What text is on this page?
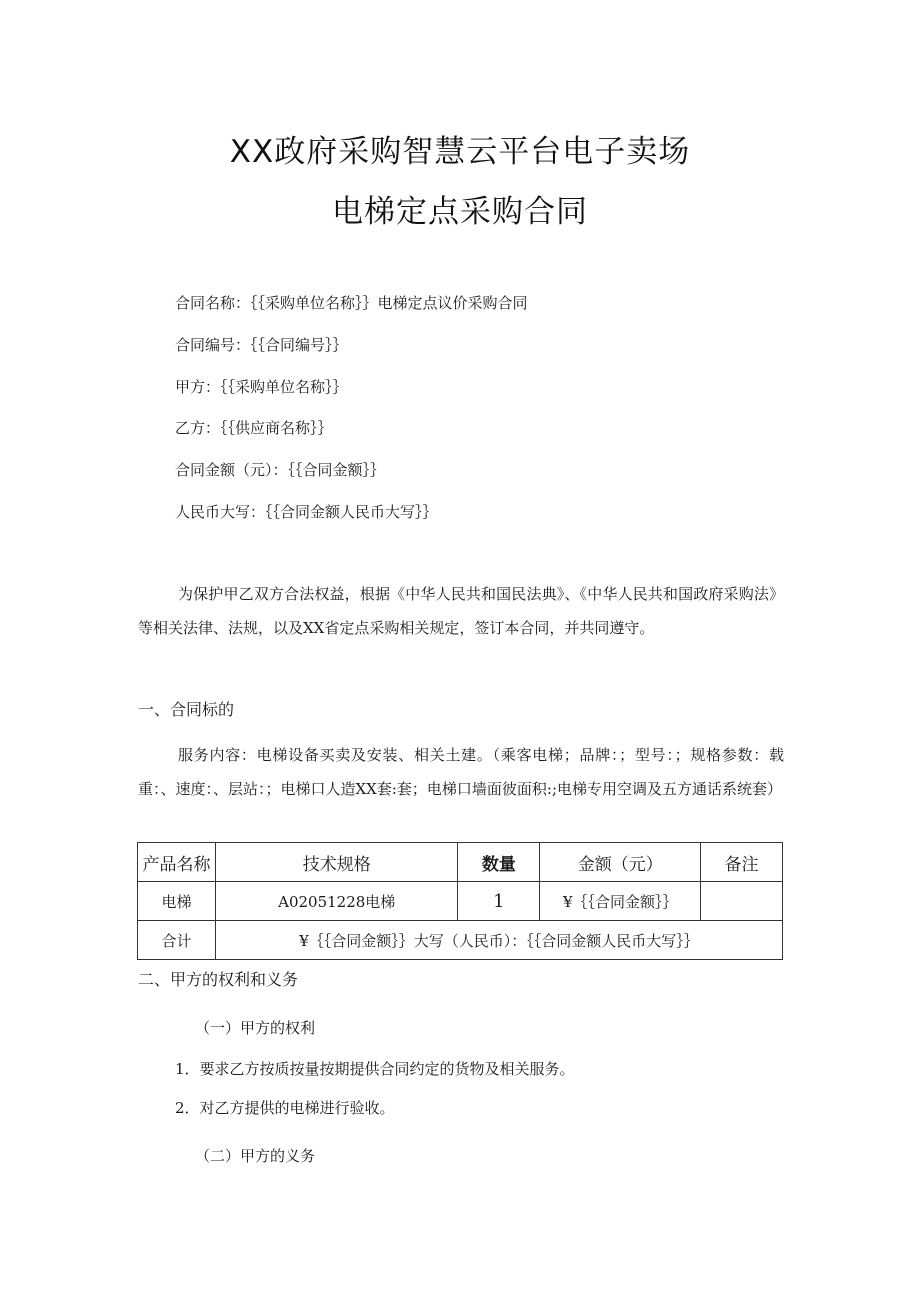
XX政府采购智慧云平台电子卖场
电梯定点采购合同
合同名称：｛｛采购单位名称｝｝电梯定点议价采购合同
合同编号：｛｛合同编号｝｝
甲方：｛｛采购单位名称｝｝
乙方：｛｛供应商名称｝｝
合同金额（元）：｛｛合同金额｝｝
人民币大写：｛｛合同金额人民币大写｝｝
为保护甲乙双方合法权益，根据《中华人民共和国民法典》、《中华人民共和国政府采购法》等相关法律、法规，以及XX省定点采购相关规定，签订本合同，并共同遵守。
一、合同标的
服务内容：电梯设备买卖及安装、相关土建。（乘客电梯；品牌：；型号：；规格参数：载重：、速度：、层站：；电梯口人造XX套:套；电梯口墙面彼面积:;电梯专用空调及五方通话系统套）
产品名称	技术规格	数量	金额（元）	备注
电梯	A02051228电梯	1	¥｛｛合同金额｝｝	
合计	¥｛｛合同金额｝｝大写（人民币）：｛｛合同金额人民币大写｝｝			
二、甲方的权利和义务
（一）甲方的权利
1．要求乙方按质按量按期提供合同约定的货物及相关服务。
2．对乙方提供的电梯进行验收。
（二）甲方的义务
